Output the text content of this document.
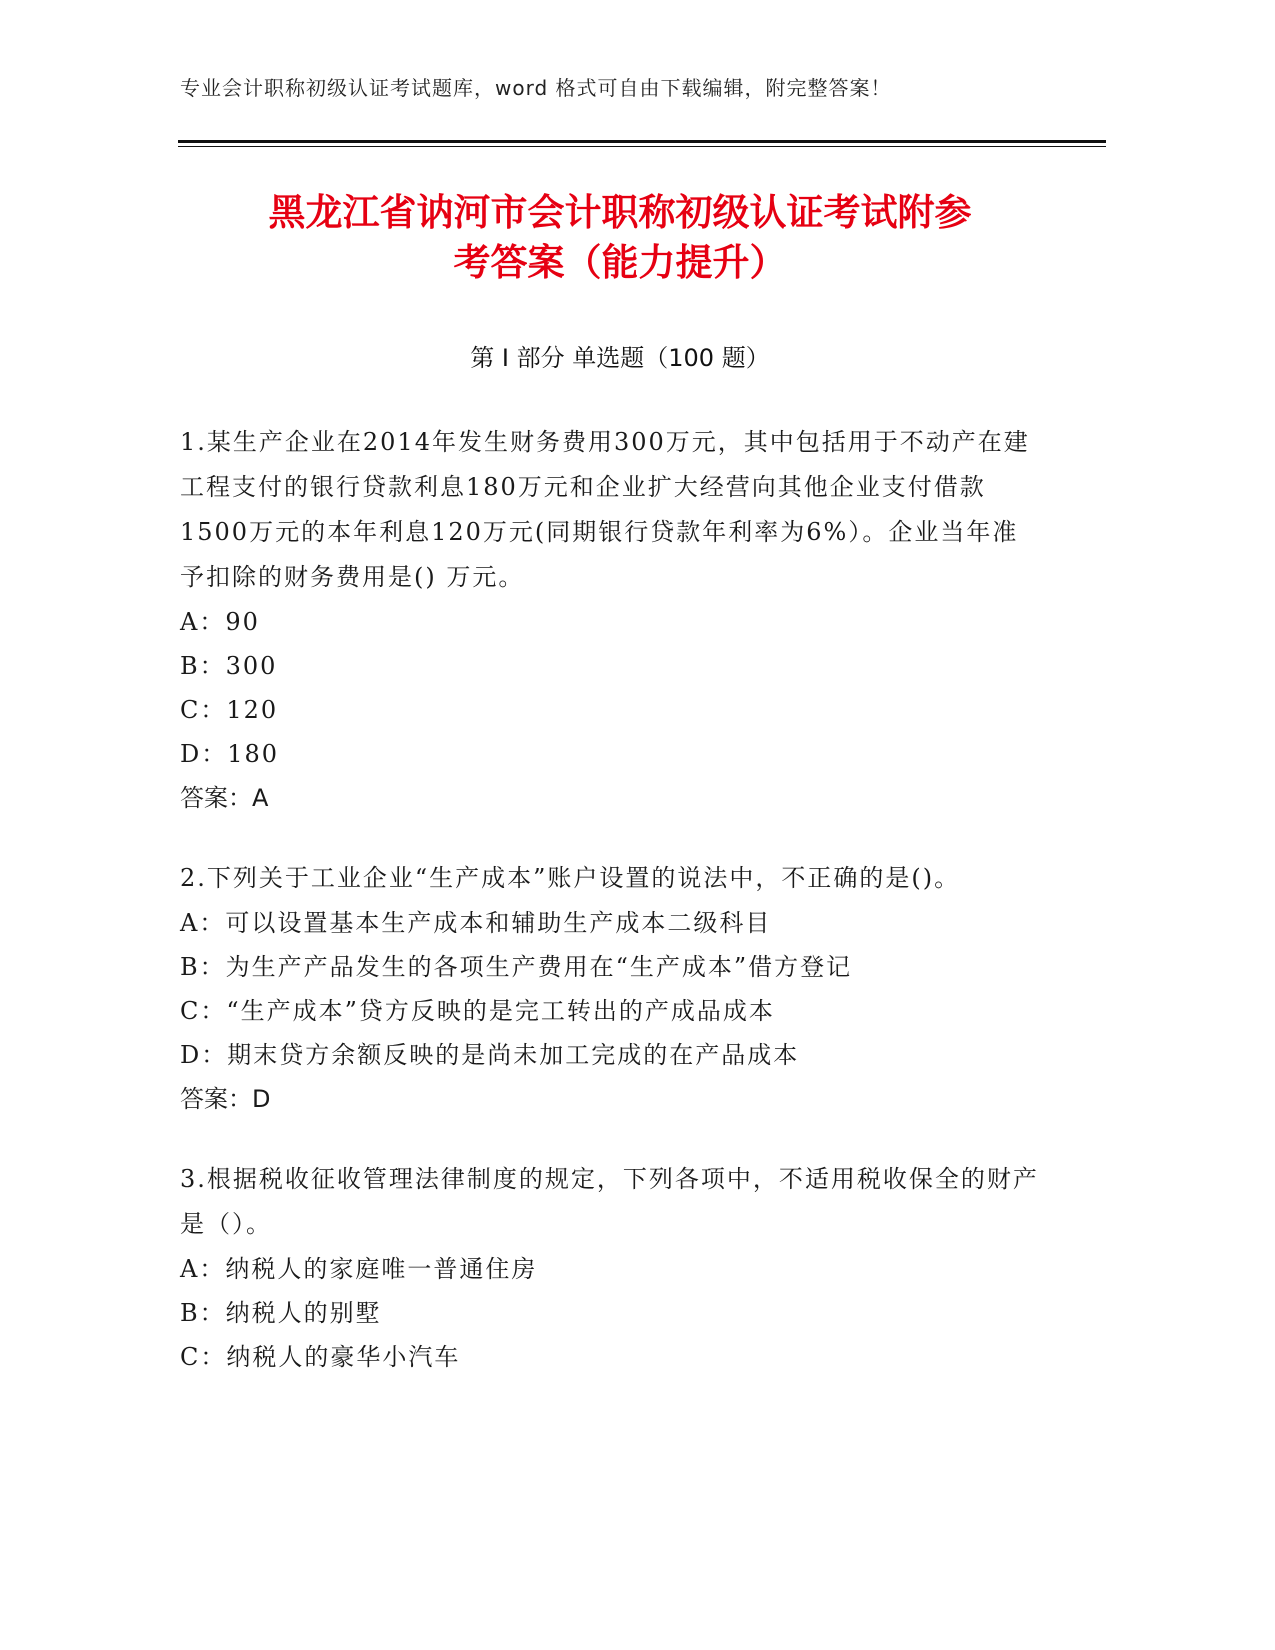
专业会计职称初级认证考试题库，word 格式可自由下载编辑，附完整答案！
黑龙江省讷河市会计职称初级认证考试附参
考答案（能力提升）
第 I 部分 单选题（100 题）
1.某生产企业在2014年发生财务费用300万元，其中包括用于不动产在建工程支付的银行贷款利息180万元和企业扩大经营向其他企业支付借款1500万元的本年利息120万元(同期银行贷款年利率为6%）。企业当年准予扣除的财务费用是() 万元。
A：90
B：300
C：120
D：180
答案：A
2.下列关于工业企业“生产成本”账户设置的说法中，不正确的是()。
A：可以设置基本生产成本和辅助生产成本二级科目
B：为生产产品发生的各项生产费用在“生产成本”借方登记
C：“生产成本”贷方反映的是完工转出的产成品成本
D：期末贷方余额反映的是尚未加工完成的在产品成本
答案：D
3.根据税收征收管理法律制度的规定，下列各项中，不适用税收保全的财产是（）。
A：纳税人的家庭唯一普通住房
B：纳税人的别墅
C：纳税人的豪华小汽车
